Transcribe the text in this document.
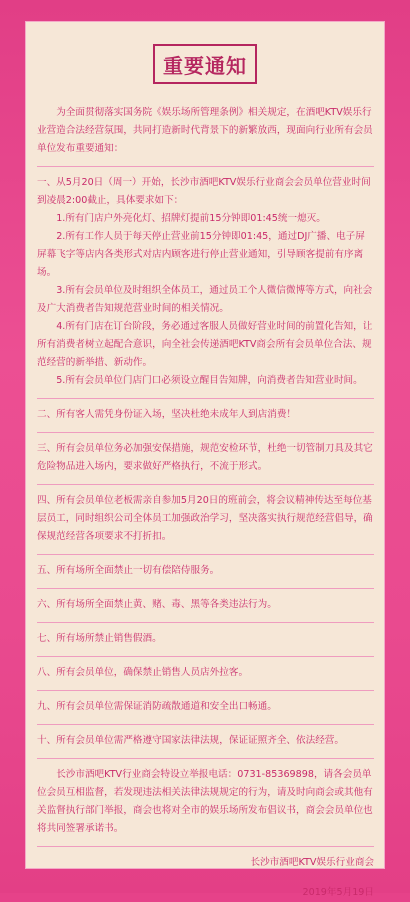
重要通知

为全面贯彻落实国务院《娱乐场所管理条例》相关规定，在酒吧KTV娱乐行业营造合法经营氛围，共同打造新时代背景下的新繁放西，现面向行业所有会员单位发布重要通知：

一、从5月20日（周一）开始，长沙市酒吧KTV娱乐行业商会会员单位营业时间到凌晨2:00截止，具体要求如下：

1.所有门店户外亮化灯、招牌灯提前15分钟即01:45统一熄灭。

2.所有工作人员于每天停止营业前15分钟即01:45，通过DJ广播、电子屏屏幕飞字等店内各类形式对店内顾客进行停止营业通知，引导顾客提前有序离场。

3.所有会员单位及时组织全体员工，通过员工个人微信微博等方式，向社会及广大消费者告知规范营业时间的相关情况。

4.所有门店在订台阶段，务必通过客服人员做好营业时间的前置化告知，让所有消费者树立起配合意识，向全社会传递酒吧KTV商会所有会员单位合法、规范经营的新举措、新动作。

5.所有会员单位门店门口必须设立醒目告知牌，向消费者告知营业时间。

二、所有客人需凭身份证入场，坚决杜绝未成年人到店消费！

三、所有会员单位务必加强安保措施，规范安检环节，杜绝一切管制刀具及其它危险物品进入场内，要求做好严格执行，不流于形式。

四、所有会员单位老板需亲自参加5月20日的班前会，将会议精神传达至每位基层员工，同时组织公司全体员工加强政治学习，坚决落实执行规范经营倡导，确保规范经营各项要求不打折扣。

五、所有场所全面禁止一切有偿陪侍服务。

六、所有场所全面禁止黄、赌、毒、黑等各类违法行为。

七、所有场所禁止销售假酒。

八、所有会员单位，确保禁止销售人员店外拉客。

九、所有会员单位需保证消防疏散通道和安全出口畅通。

十、所有会员单位需严格遵守国家法律法规，保证证照齐全、依法经营。

长沙市酒吧KTV行业商会特设立举报电话：0731-85369898，请各会员单位会员互相监督，若发现违法相关法律法规规定的行为，请及时向商会或其他有关监督执行部门举报，商会也将对全市的娱乐场所发布倡议书，商会会员单位也将共同签署承诺书。

长沙市酒吧KTV娱乐行业商会

2019年5月19日
